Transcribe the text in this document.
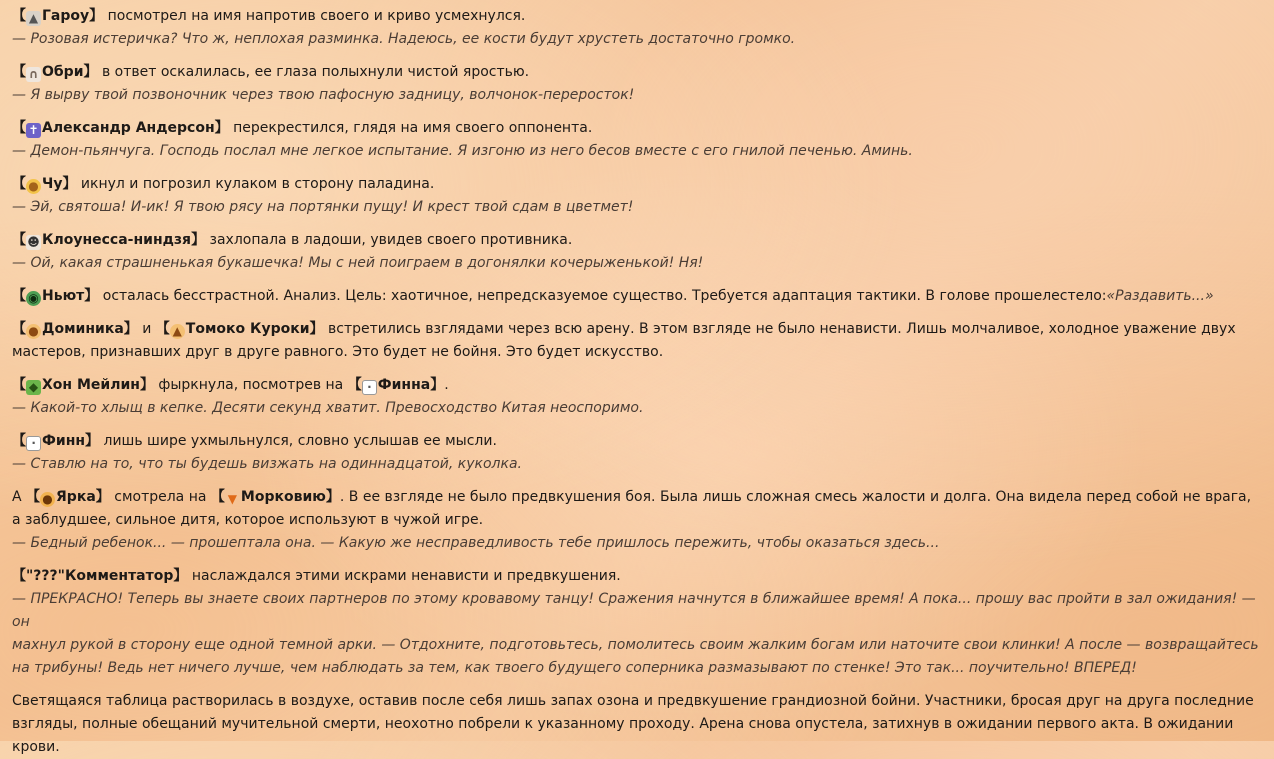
【 ▲ Гароу】 посмотрел на имя напротив своего и криво усмехнулся.
— Розовая истеричка? Что ж, неплохая разминка. Надеюсь, ее кости будут хрустеть достаточно громко.

【 ∩ Обри】 в ответ оскалилась, ее глаза полыхнули чистой яростью.
— Я вырву твой позвоночник через твою пафосную задницу, волчонок-переросток!

【 ✝ Александр Андерсон】 перекрестился, глядя на имя своего оппонента.
— Демон-пьянчуга. Господь послал мне легкое испытание. Я изгоню из него бесов вместе с его гнилой печенью. Аминь.

【 ● Чу】 икнул и погрозил кулаком в сторону паладина.
— Эй, святоша! И-ик! Я твою рясу на портянки пущу! И крест твой сдам в цветмет!

【☻ Клоунесса-ниндзя】 захлопала в ладоши, увидев своего противника.
— Ой, какая страшненькая букашечка! Мы с ней поиграем в догонялки кочерыженькой! Ня!

【 ◉ Ньют】 осталась бесстрастной. Анализ. Цель: хаотичное, непредсказуемое существо. Требуется адаптация тактики. В голове прошелестело:«Раздавить...»

【 ● Доминика】 и 【 ▲ Томоко Куроки】 встретились взглядами через всю арену. В этом взгляде не было ненависти. Лишь молчаливое, холодное уважение двух
мастеров, признавших друг в друге равного. Это будет не бойня. Это будет искусство.

【 ◆ Хон Мейлин】 фыркнула, посмотрев на 【 ⋅ Финна】.
— Какой-то хлыщ в кепке. Десяти секунд хватит. Превосходство Китая неоспоримо.

【 ⋅ Финн】 лишь шире ухмыльнулся, словно услышав ее мысли.
— Ставлю на то, что ты будешь визжать на одиннадцатой, куколка.

А 【 ● Ярка】 смотрела на 【 ▼ Морковию】. В ее взгляде не было предвкушения боя. Была лишь сложная смесь жалости и долга. Она видела перед собой не врага,
а заблудшее, сильное дитя, которое используют в чужой игре.
— Бедный ребенок... — прошептала она. — Какую же несправедливость тебе пришлось пережить, чтобы оказаться здесь...

【"???"Комментатор】 наслаждался этими искрами ненависти и предвкушения.
— ПРЕКРАСНО! Теперь вы знаете своих партнеров по этому кровавому танцу! Сражения начнутся в ближайшее время! А пока... прошу вас пройти в зал ожидания! — он
махнул рукой в сторону еще одной темной арки. — Отдохните, подготовьтесь, помолитесь своим жалким богам или наточите свои клинки! А после — возвращайтесь
на трибуны! Ведь нет ничего лучше, чем наблюдать за тем, как твоего будущего соперника размазывают по стенке! Это так... поучительно! ВПЕРЕД!

Светящаяся таблица растворилась в воздухе, оставив после себя лишь запах озона и предвкушение грандиозной бойни. Участники, бросая друг на друга последние
взгляды, полные обещаний мучительной смерти, неохотно побрели к указанному проходу. Арена снова опустела, затихнув в ожидании первого акта. В ожидании
крови.
